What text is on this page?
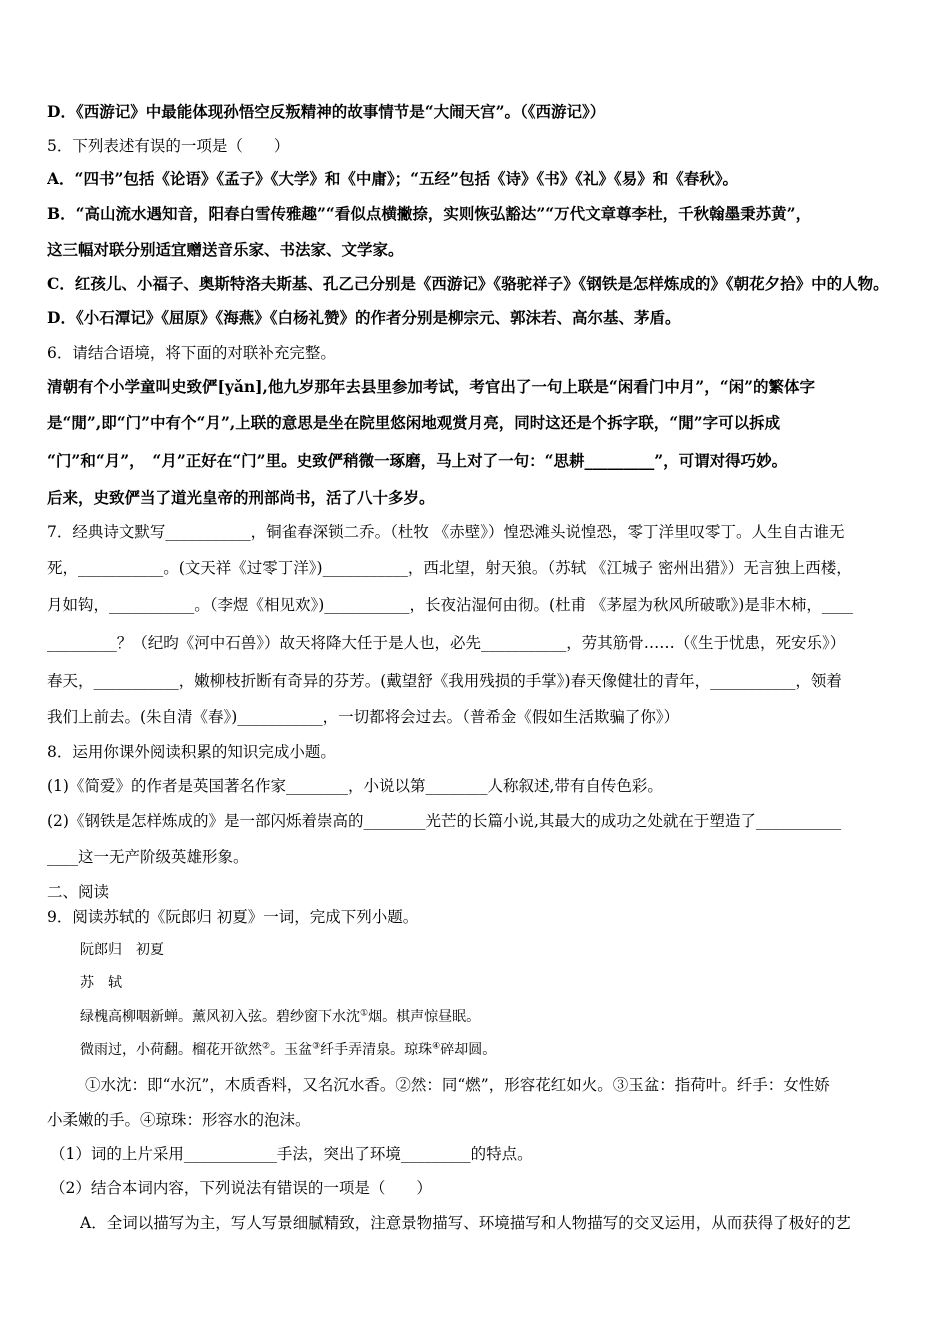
D．《西游记》中最能体现孙悟空反叛精神的故事情节是“大闹天宫”。（《西游记》）
5．下列表述有误的一项是（　　）
A．“四书”包括《论语》《孟子》《大学》和《中庸》；“五经”包括《诗》《书》《礼》《易》和《春秋》。
B．“高山流水遇知音，阳春白雪传雅趣”“看似点横撇捺，实则恢弘豁达”“万代文章尊李杜，千秋翰墨秉苏黄”，
这三幅对联分别适宜赠送音乐家、书法家、文学家。
C．红孩儿、小福子、奥斯特洛夫斯基、孔乙己分别是《西游记》《骆驼祥子》《钢铁是怎样炼成的》《朝花夕拾》中的人物。
D．《小石潭记》《屈原》《海燕》《白杨礼赞》的作者分别是柳宗元、郭沫若、高尔基、茅盾。
6．请结合语境，将下面的对联补充完整。
清朝有个小学童叫史致俨[yǎn],他九岁那年去县里参加考试，考官出了一句上联是“闲看门中月”，“闲”的繁体字
是“閒”,即“门”中有个“月”,上联的意思是坐在院里悠闲地观赏月亮，同时这还是个拆字联，“閒”字可以拆成
“门”和“月”，　“月”正好在“门”里。史致俨稍微一琢磨，马上对了一句：“思耕_________”，可谓对得巧妙。
后来，史致俨当了道光皇帝的刑部尚书，活了八十多岁。
7．经典诗文默写___________，铜雀春深锁二乔。（杜牧 《赤壁》）惶恐滩头说惶恐，零丁洋里叹零丁。人生自古谁无
死，___________。(文天祥《过零丁洋》)___________，西北望，射天狼。（苏轼 《江城子 密州出猎》）无言独上西楼，
月如钩，___________。（李煜《相见欢》)___________，长夜沾湿何由彻。(杜甫 《茅屋为秋风所破歌》)是非木柿，____
_________？（纪昀《河中石兽》）故天将降大任于是人也，必先___________，劳其筋骨……（《生于忧患，死安乐》）
春天，___________，嫩柳枝折断有奇异的芬芳。(戴望舒《我用残损的手掌》)春天像健壮的青年，___________，领着
我们上前去。(朱自清《春》)___________，一切都将会过去。（普希金《假如生活欺骗了你》）
8．运用你课外阅读积累的知识完成小题。
(1)《简爱》的作者是英国著名作家________，小说以第________人称叙述,带有自传色彩。
(2)《钢铁是怎样炼成的》是一部闪烁着崇高的________光芒的长篇小说,其最大的成功之处就在于塑造了___________
____这一无产阶级英雄形象。
二、阅读
9．阅读苏轼的《阮郎归 初夏》一词，完成下列小题。
阮郎归　初夏
苏　轼
绿槐高柳咽新蝉。薰风初入弦。碧纱窗下水沈①烟。棋声惊昼眠。
微雨过，小荷翻。榴花开欲然②。玉盆③纤手弄清泉。琼珠④碎却圆。
①水沈：即“水沉”，木质香料，又名沉水香。②然：同“燃”，形容花红如火。③玉盆：指荷叶。纤手：女性娇
小柔嫩的手。④琼珠：形容水的泡沫。
（1）词的上片采用____________手法，突出了环境_________的特点。
（2）结合本词内容，下列说法有错误的一项是（　　）
A．全词以描写为主，写人写景细腻精致，注意景物描写、环境描写和人物描写的交叉运用，从而获得了极好的艺
